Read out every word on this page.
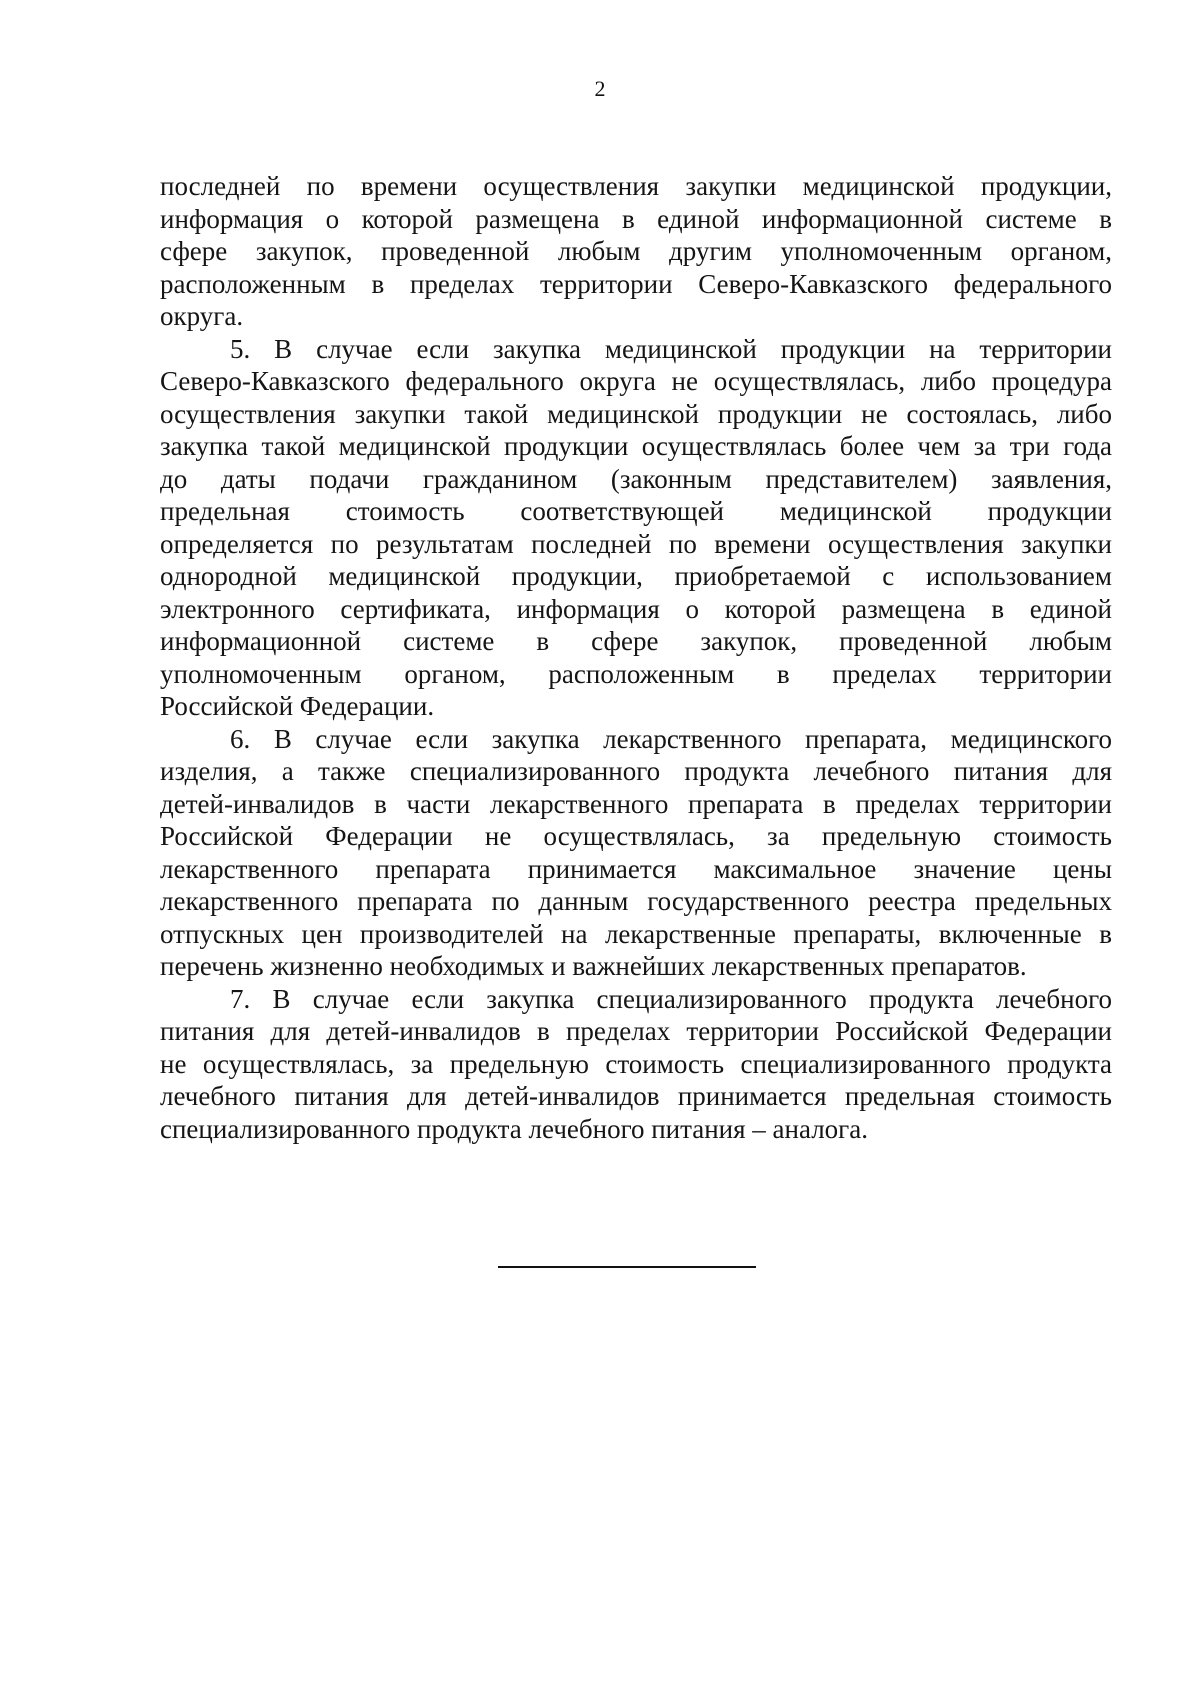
2
последней по времени осуществления закупки медицинской продукции,
информация о которой размещена в единой информационной системе в
сфере закупок, проведенной любым другим уполномоченным органом,
расположенным в пределах территории Северо-Кавказского федерального
округа.
5. В случае если закупка медицинской продукции на территории
Северо-Кавказского федерального округа не осуществлялась, либо процедура
осуществления закупки такой медицинской продукции не состоялась, либо
закупка такой медицинской продукции осуществлялась более чем за три года
до даты подачи гражданином (законным представителем) заявления,
предельная стоимость соответствующей медицинской продукции
определяется по результатам последней по времени осуществления закупки
однородной медицинской продукции, приобретаемой с использованием
электронного сертификата, информация о которой размещена в единой
информационной системе в сфере закупок, проведенной любым
уполномоченным органом, расположенным в пределах территории
Российской Федерации.
6. В случае если закупка лекарственного препарата, медицинского
изделия, а также специализированного продукта лечебного питания для
детей-инвалидов в части лекарственного препарата в пределах территории
Российской Федерации не осуществлялась, за предельную стоимость
лекарственного препарата принимается максимальное значение цены
лекарственного препарата по данным государственного реестра предельных
отпускных цен производителей на лекарственные препараты, включенные в
перечень жизненно необходимых и важнейших лекарственных препаратов.
7. В случае если закупка специализированного продукта лечебного
питания для детей-инвалидов в пределах территории Российской Федерации
не осуществлялась, за предельную стоимость специализированного продукта
лечебного питания для детей-инвалидов принимается предельная стоимость
специализированного продукта лечебного питания – аналога.
